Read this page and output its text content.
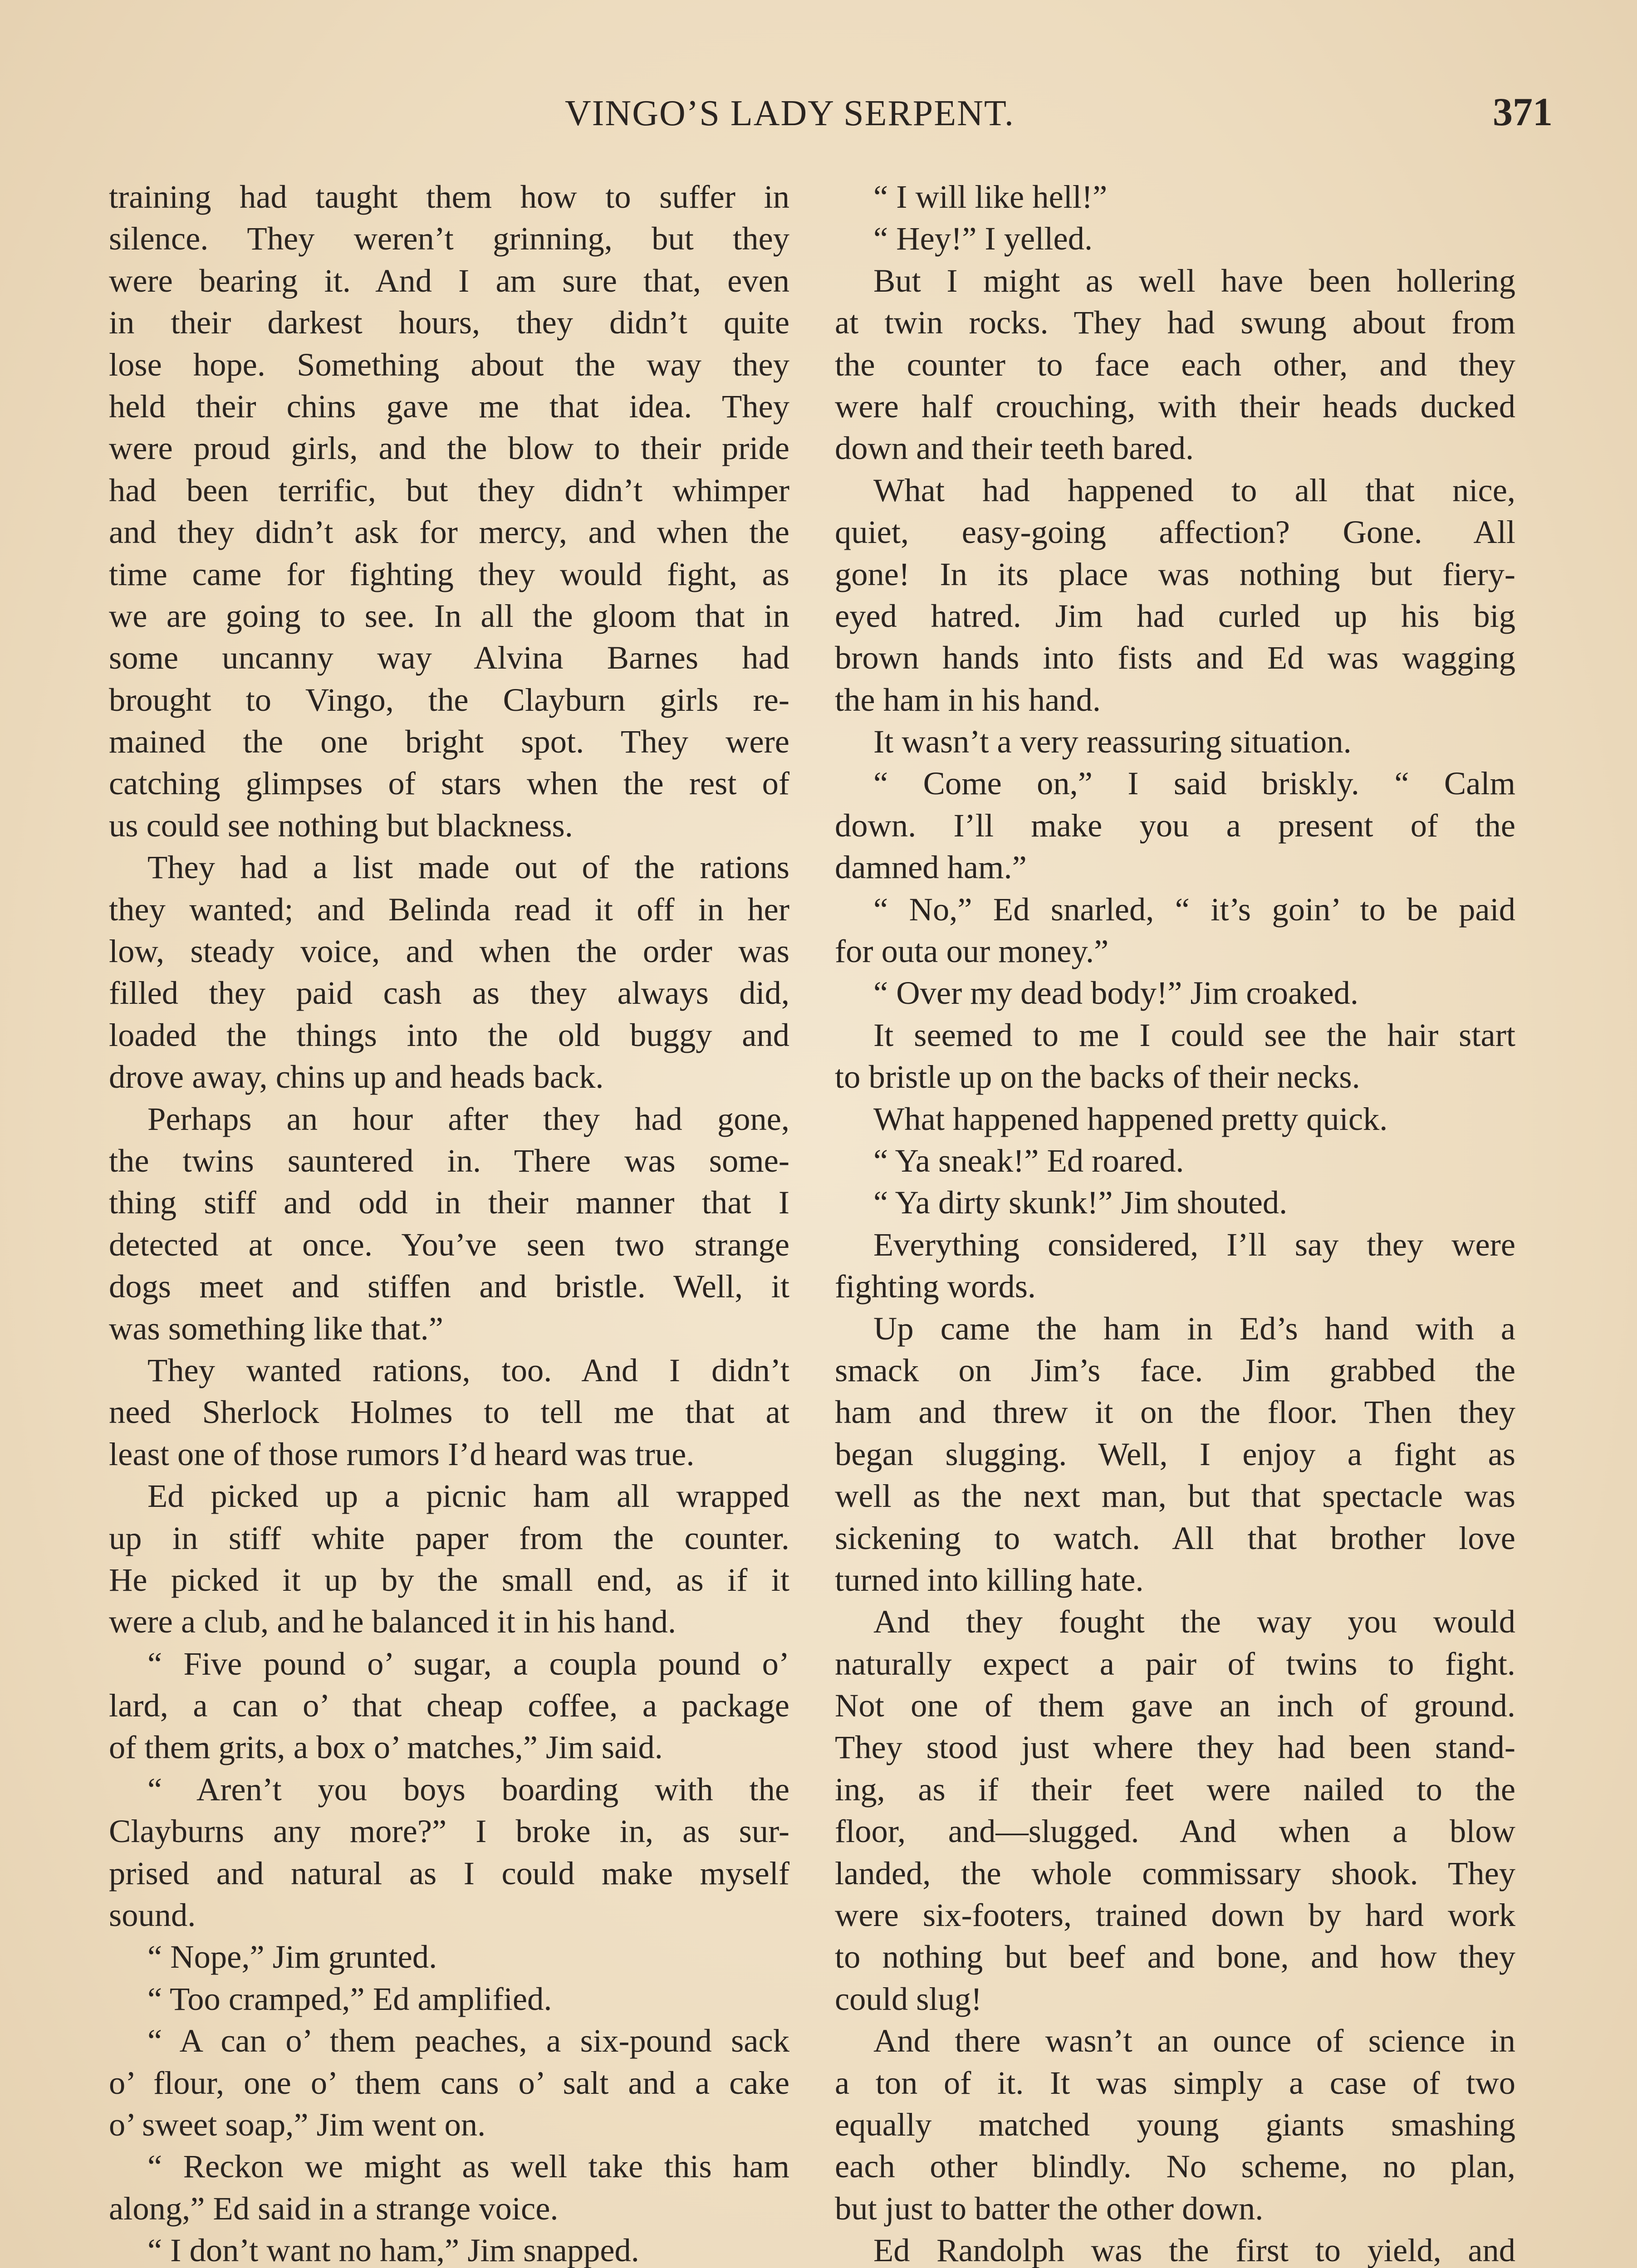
VINGO’S LADY SERPENT.	371
training had taught them how to suffer in
silence. They weren’t grinning, but they
were bearing it. And I am sure that, even
in their darkest hours, they didn’t quite
lose hope. Something about the way they
held their chins gave me that idea. They
were proud girls, and the blow to their pride
had been terrific, but they didn’t whimper
and they didn’t ask for mercy, and when the
time came for fighting they would fight, as
we are going to see. In all the gloom that in
some uncanny way Alvina Barnes had
brought to Vingo, the Clayburn girls re-
mained the one bright spot. They were
catching glimpses of stars when the rest of
us could see nothing but blackness.
They had a list made out of the rations
they wanted; and Belinda read it off in her
low, steady voice, and when the order was
filled they paid cash as they always did,
loaded the things into the old buggy and
drove away, chins up and heads back.
Perhaps an hour after they had gone,
the twins sauntered in. There was some-
thing stiff and odd in their manner that I
detected at once. You’ve seen two strange
dogs meet and stiffen and bristle. Well, it
was something like that.”
They wanted rations, too. And I didn’t
need Sherlock Holmes to tell me that at
least one of those rumors I’d heard was true.
Ed picked up a picnic ham all wrapped
up in stiff white paper from the counter.
He picked it up by the small end, as if it
were a club, and he balanced it in his hand.
“ Five pound o’ sugar, a coupla pound o’
lard, a can o’ that cheap coffee, a package
of them grits, a box o’ matches,” Jim said.
“ Aren’t you boys boarding with the
Clayburns any more?” I broke in, as sur-
prised and natural as I could make myself
sound.
“ Nope,” Jim grunted.
“ Too cramped,” Ed amplified.
“ A can o’ them peaches, a six-pound sack
o’ flour, one o’ them cans o’ salt and a cake
o’ sweet soap,” Jim went on.
“ Reckon we might as well take this ham
along,” Ed said in a strange voice.
“ I don’t want no ham,” Jim snapped.
“ I will like hell!”
“ Hey!” I yelled.
But I might as well have been hollering
at twin rocks. They had swung about from
the counter to face each other, and they
were half crouching, with their heads ducked
down and their teeth bared.
What had happened to all that nice,
quiet, easy-going affection? Gone. All
gone! In its place was nothing but fiery-
eyed hatred. Jim had curled up his big
brown hands into fists and Ed was wagging
the ham in his hand.
It wasn’t a very reassuring situation.
“ Come on,” I said briskly. “ Calm
down. I’ll make you a present of the
damned ham.”
“ No,” Ed snarled, “ it’s goin’ to be paid
for outa our money.”
“ Over my dead body!” Jim croaked.
It seemed to me I could see the hair start
to bristle up on the backs of their necks.
What happened happened pretty quick.
“ Ya sneak!” Ed roared.
“ Ya dirty skunk!” Jim shouted.
Everything considered, I’ll say they were
fighting words.
Up came the ham in Ed’s hand with a
smack on Jim’s face. Jim grabbed the
ham and threw it on the floor. Then they
began slugging. Well, I enjoy a fight as
well as the next man, but that spectacle was
sickening to watch. All that brother love
turned into killing hate.
And they fought the way you would
naturally expect a pair of twins to fight.
Not one of them gave an inch of ground.
They stood just where they had been stand-
ing, as if their feet were nailed to the
floor, and—slugged. And when a blow
landed, the whole commissary shook. They
were six-footers, trained down by hard work
to nothing but beef and bone, and how they
could slug!
And there wasn’t an ounce of science in
a ton of it. It was simply a case of two
equally matched young giants smashing
each other blindly. No scheme, no plan,
but just to batter the other down.
Ed Randolph was the first to yield, and
